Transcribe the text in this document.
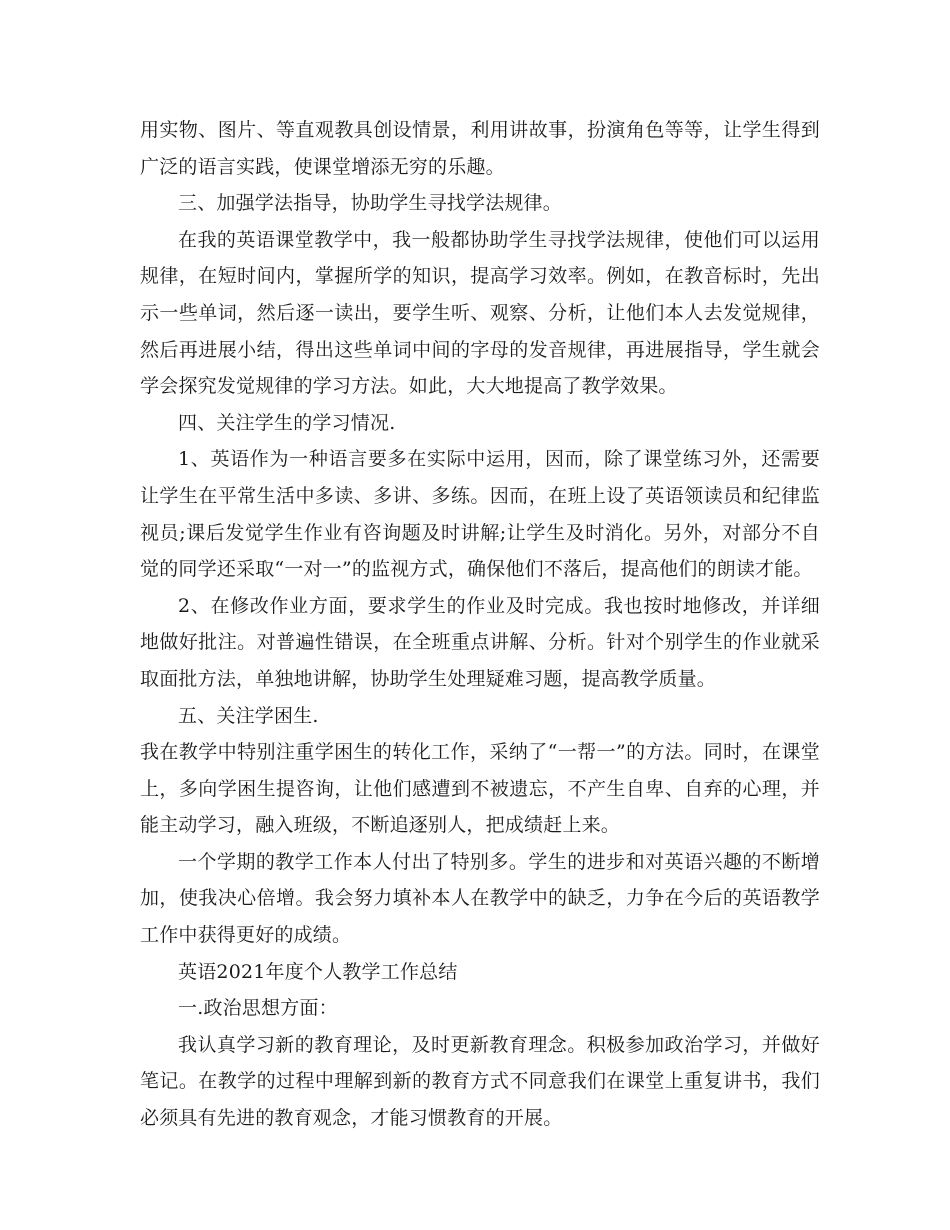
用实物、图片、等直观教具创设情景，利用讲故事，扮演角色等等，让学生得到广泛的语言实践，使课堂增添无穷的乐趣。

三、加强学法指导，协助学生寻找学法规律。

在我的英语课堂教学中，我一般都协助学生寻找学法规律，使他们可以运用规律，在短时间内，掌握所学的知识，提高学习效率。例如，在教音标时，先出示一些单词，然后逐一读出，要学生听、观察、分析，让他们本人去发觉规律，然后再进展小结，得出这些单词中间的字母的发音规律，再进展指导，学生就会学会探究发觉规律的学习方法。如此，大大地提高了教学效果。

四、关注学生的学习情况.

1、英语作为一种语言要多在实际中运用，因而，除了课堂练习外，还需要让学生在平常生活中多读、多讲、多练。因而，在班上设了英语领读员和纪律监视员;课后发觉学生作业有咨询题及时讲解;让学生及时消化。另外，对部分不自觉的同学还采取“一对一”的监视方式，确保他们不落后，提高他们的朗读才能。

2、在修改作业方面，要求学生的作业及时完成。我也按时地修改，并详细地做好批注。对普遍性错误，在全班重点讲解、分析。针对个别学生的作业就采取面批方法，单独地讲解，协助学生处理疑难习题，提高教学质量。

五、关注学困生.

我在教学中特别注重学困生的转化工作，采纳了“一帮一”的方法。同时，在课堂上，多向学困生提咨询，让他们感遭到不被遗忘，不产生自卑、自弃的心理，并能主动学习，融入班级，不断追逐别人，把成绩赶上来。

一个学期的教学工作本人付出了特别多。学生的进步和对英语兴趣的不断增加，使我决心倍增。我会努力填补本人在教学中的缺乏，力争在今后的英语教学工作中获得更好的成绩。

英语2021年度个人教学工作总结

一.政治思想方面：

我认真学习新的教育理论，及时更新教育理念。积极参加政治学习，并做好笔记。在教学的过程中理解到新的教育方式不同意我们在课堂上重复讲书，我们必须具有先进的教育观念，才能习惯教育的开展。
